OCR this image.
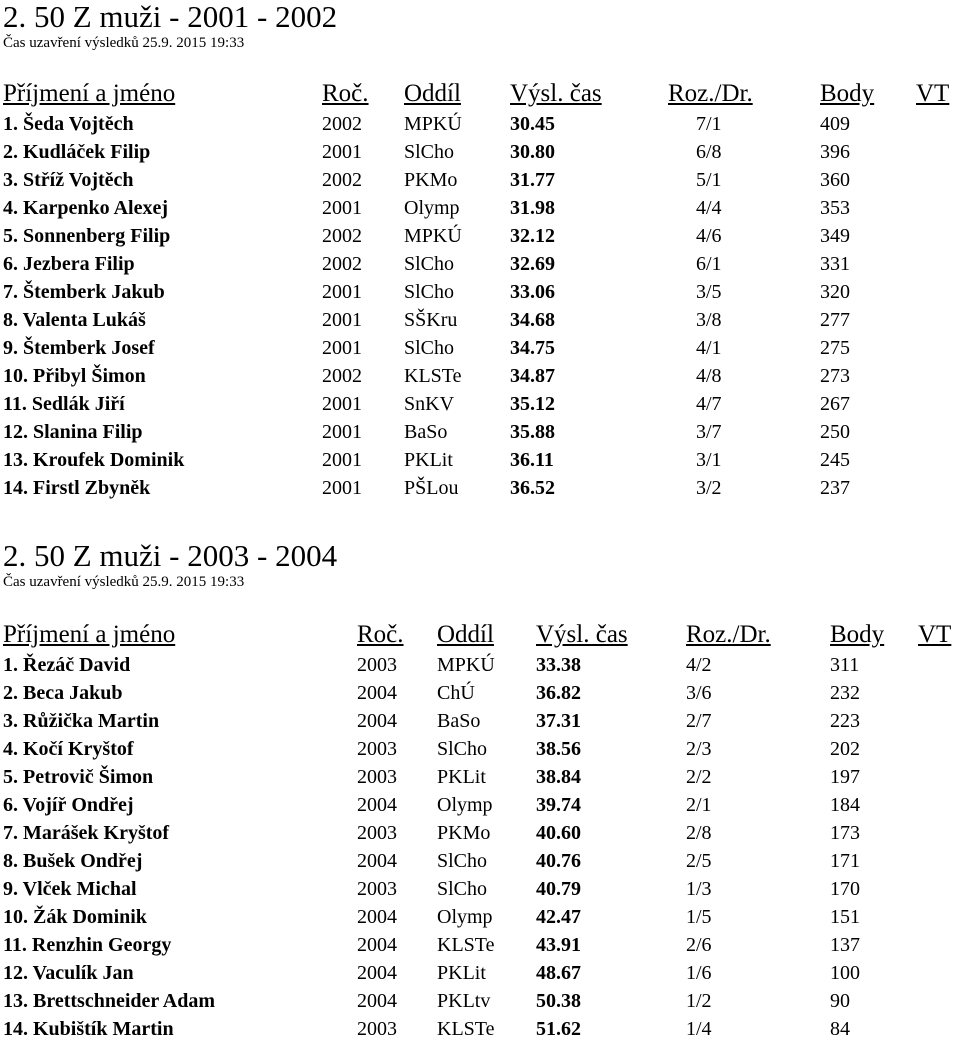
2. 50 Z muži - 2001 - 2002
Čas uzavření výsledků 25.9. 2015 19:33
Příjmení a jméno	Roč. Oddíl Výsl. čas	Roz./Dr.	Body VT
1. Šeda Vojtěch	2002 MPKÚ 30.45	7/1	409
2. Kudláček Filip	2001 SlCho	30.80	6/8	396
3. Stříž Vojtěch	2002 PKMo	31.77	5/1	360
4. Karpenko Alexej	2001 Olymp	31.98	4/4	353
5. Sonnenberg Filip	2002 MPKÚ 32.12	4/6	349
6. Jezbera Filip	2002 SlCho	32.69	6/1	331
7. Štemberk Jakub	2001 SlCho	33.06	3/5	320
8. Valenta Lukáš	2001 SŠKru	34.68	3/8	277
9. Štemberk Josef	2001 SlCho	34.75	4/1	275
10. Přibyl Šimon	2002 KLSTe 34.87	4/8	273
11. Sedlák Jiří	2001 SnKV	35.12	4/7	267
12. Slanina Filip	2001 BaSo	35.88	3/7	250
13. Kroufek Dominik	2001 PKLit	36.11	3/1	245
14. Firstl Zbyněk	2001 PŠLou	36.52	3/2	237
2. 50 Z muži - 2003 - 2004
Čas uzavření výsledků 25.9. 2015 19:33
Příjmení a jméno	Roč. Oddíl Výsl. čas Roz./Dr. Body VT
1. Řezáč David	2003 MPKÚ 33.38	4/2	311
2. Beca Jakub	2004 ChÚ	36.82	3/6	232
3. Růžička Martin	2004 BaSo	37.31	2/7	223
4. Kočí Kryštof	2003 SlCho 38.56	2/3	202
5. Petrovič Šimon	2003 PKLit	38.84	2/2	197
6. Vojíř Ondřej	2004 Olymp 39.74	2/1	184
7. Marášek Kryštof	2003 PKMo 40.60	2/8	173
8. Bušek Ondřej	2004 SlCho 40.76	2/5	171
9. Vlček Michal	2003 SlCho 40.79	1/3	170
10. Žák Dominik	2004 Olymp 42.47	1/5	151
11. Renzhin Georgy	2004 KLSTe 43.91	2/6	137
12. Vaculík Jan	2004 PKLit	48.67	1/6	100
13. Brettschneider Adam	2004 PKLtv 50.38	1/2	90
14. Kubištík Martin	2003 KLSTe 51.62	1/4	84
